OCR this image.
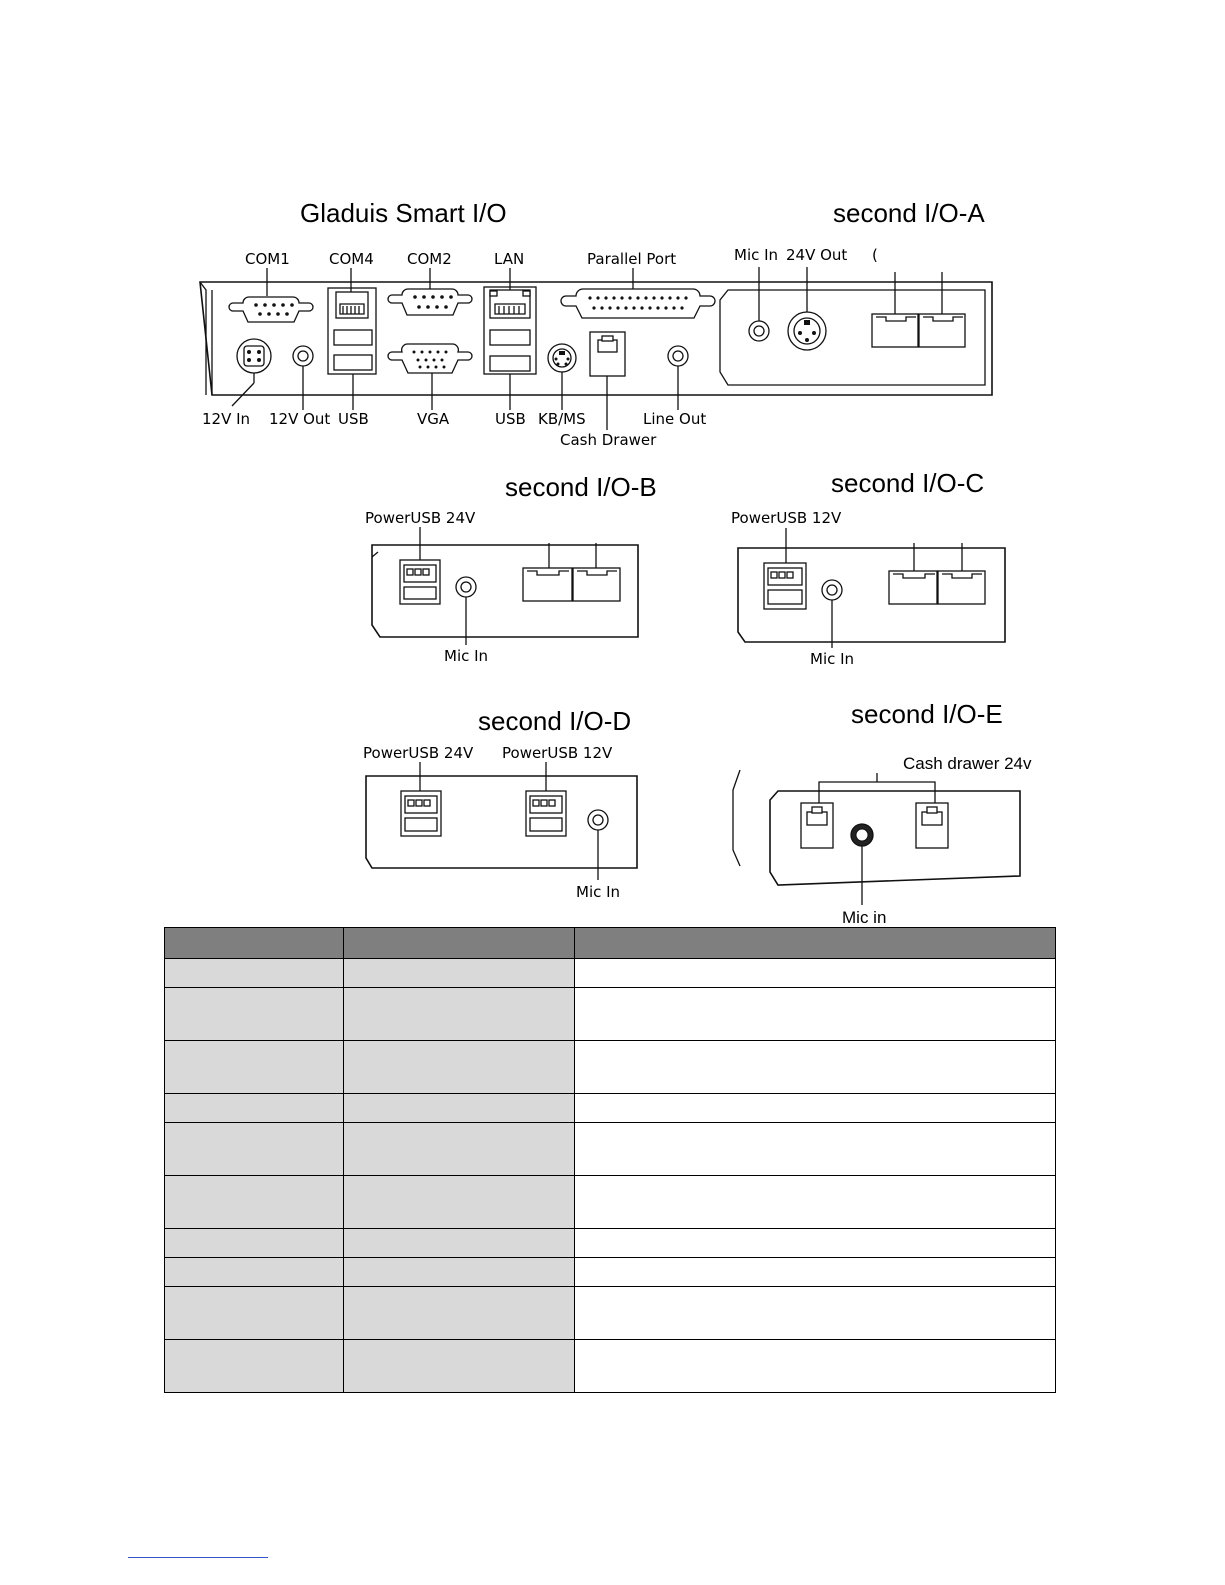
Gladuis Smart I/O	second I/O-A
second I/O-B	second I/O-C
second I/O-D	second I/O-E
COM1	COM4 COM2	LAN	Parallel Port
12V In 12V Out USB	VGA	USB KB/MS
Cash Drawer
Line Out
Mic In 24V Out (
PowerUSB 24V
Mic In
PowerUSB 12V
Mic In
PowerUSB 24V PowerUSB 12V
Mic In
Cash drawer 24v
Mic in
